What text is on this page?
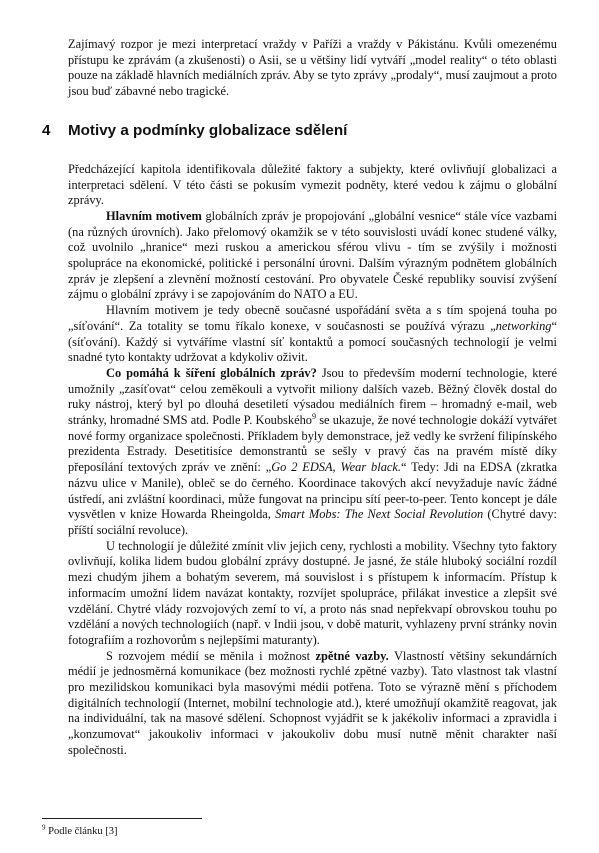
Zajímavý rozpor je mezi interpretací vraždy v Paříži a vraždy v Pákistánu. Kvůli omezenému přístupu ke zprávám (a zkušenosti) o Asii, se u většiny lidí vytváří „model reality“ o této oblasti pouze na základě hlavních mediálních zpráv. Aby se tyto zprávy „prodaly“, musí zaujmout a proto jsou buď zábavné nebo tragické.

4 Motivy a podmínky globalizace sdělení

Předcházející kapitola identifikovala důležité faktory a subjekty, které ovlivňují globalizaci a interpretaci sdělení. V této části se pokusím vymezit podněty, které vedou k zájmu o globální zprávy.

Hlavním motivem globálních zpráv je propojování „globální vesnice“ stále více vazbami (na různých úrovních). Jako přelomový okamžik se v této souvislosti uvádí konec studené války, což uvolnilo „hranice“ mezi ruskou a americkou sférou vlivu - tím se zvýšily i možnosti spolupráce na ekonomické, politické i personální úrovni. Dalším výrazným podnětem globálních zpráv je zlepšení a zlevnění možností cestování. Pro obyvatele České republiky souvisí zvýšení zájmu o globální zprávy i se zapojováním do NATO a EU.

Hlavním motivem je tedy obecně současné uspořádání světa a s tím spojená touha po „síťování“. Za totality se tomu říkalo konexe, v současnosti se používá výrazu „networking“ (síťování). Každý si vytváříme vlastní síť kontaktů a pomocí současných technologií je velmi snadné tyto kontakty udržovat a kdykoliv oživit.

Co pomáhá k šíření globálních zpráv? Jsou to především moderní technologie, které umožnily „zasíťovat“ celou zeměkouli a vytvořit miliony dalších vazeb. Běžný člověk dostal do ruky nástroj, který byl po dlouhá desetiletí výsadou mediálních firem – hromadný e-mail, web stránky, hromadné SMS atd. Podle P. Koubského$^9$ se ukazuje, že nové technologie dokáží vytvářet nové formy organizace společnosti. Příkladem byly demonstrace, jež vedly ke svržení filipínského prezidenta Estrady. Desetitisíce demonstrantů se sešly v pravý čas na pravém místě díky přeposílání textových zpráv ve znění: „Go 2 EDSA, Wear black.“ Tedy: Jdi na EDSA (zkratka názvu ulice v Manile), obleč se do černého. Koordinace takových akcí nevyžaduje navíc žádné ústředí, ani zvláštní koordinaci, může fungovat na principu sítí peer-to-peer. Tento koncept je dále vysvětlen v knize Howarda Rheingolda, Smart Mobs: The Next Social Revolution (Chytré davy: příští sociální revoluce).

U technologií je důležité zmínit vliv jejich ceny, rychlosti a mobility. Všechny tyto faktory ovlivňují, kolika lidem budou globální zprávy dostupné. Je jasné, že stále hluboký sociální rozdíl mezi chudým jihem a bohatým severem, má souvislost i s přístupem k informacím. Přístup k informacím umožní lidem navázat kontakty, rozvíjet spolupráce, přilákat investice a zlepšit své vzdělání. Chytré vlády rozvojových zemí to ví, a proto nás snad nepřekvapí obrovskou touhu po vzdělání a nových technologiích (např. v Indii jsou, v době maturit, vyhlazeny první stránky novin fotografiím a rozhovorům s nejlepšími maturanty).

S rozvojem médií se měnila i možnost zpětné vazby. Vlastností většiny sekundárních médií je jednosměrná komunikace (bez možnosti rychlé zpětné vazby). Tato vlastnost tak vlastní pro mezilidskou komunikaci byla masovými médii potřena. Toto se výrazně mění s příchodem digitálních technologií (Internet, mobilní technologie atd.), které umožňují okamžitě reagovat, jak na individuální, tak na masové sdělení. Schopnost vyjádřit se k jakékoliv informaci a zpravidla i „konzumovat“ jakoukoliv informaci v jakoukoliv dobu musí nutně měnit charakter naší společnosti.

$^9$ Podle článku [3]
